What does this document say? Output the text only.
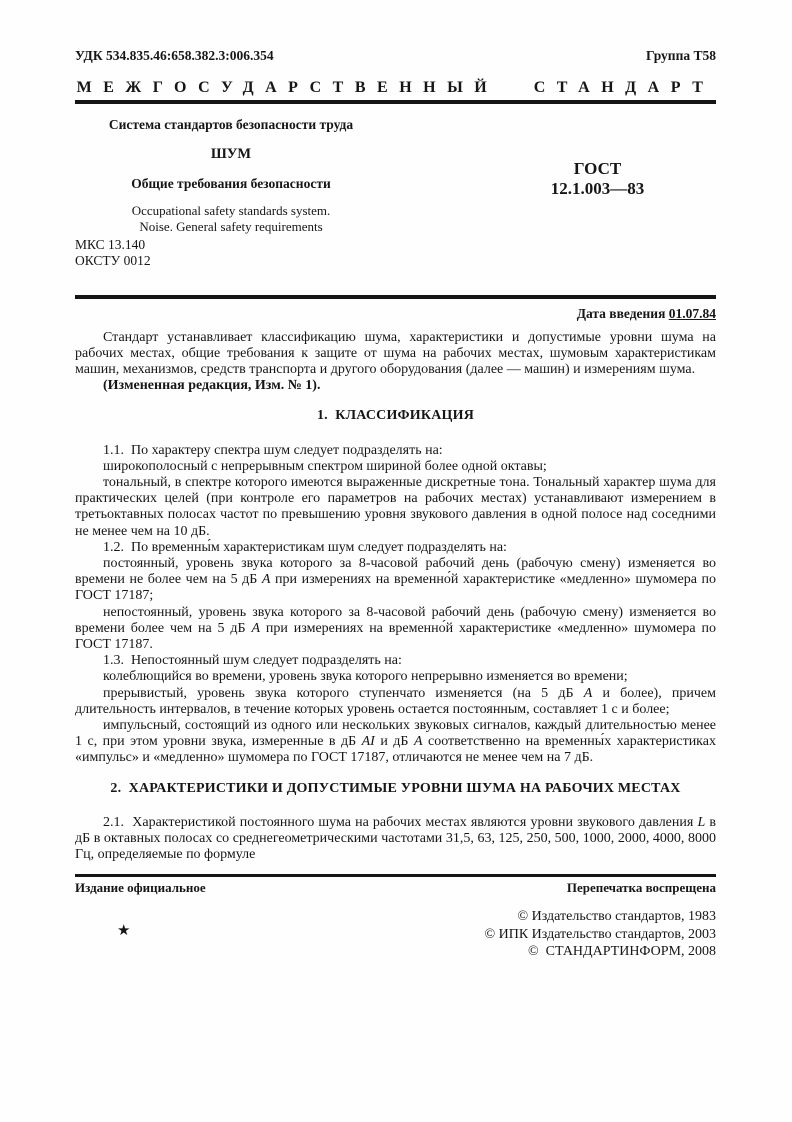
УДК 534.835.46:658.382.3:006.354	Группа Т58
МЕЖГОСУДАРСТВЕННЫЙ СТАНДАРТ
Система стандартов безопасности труда
ШУМ
Общие требования безопасности
Occupational safety standards system.
Noise. General safety requirements
ГОСТ
12.1.003—83
МКС 13.140
ОКСТУ 0012
Дата введения 01.07.84

Стандарт устанавливает классификацию шума, характеристики и допустимые уровни шума на рабочих местах, общие требования к защите от шума на рабочих местах, шумовым характеристикам машин, механизмов, средств транспорта и другого оборудования (далее — машин) и измерениям шума.

(Измененная редакция, Изм. № 1).

1.  КЛАССИФИКАЦИЯ

1.1.  По характеру спектра шум следует подразделять на:

широкополосный с непрерывным спектром шириной более одной октавы;

тональный, в спектре которого имеются выраженные дискретные тона. Тональный характер шума для практических целей (при контроле его параметров на рабочих местах) устанавливают измерением в третьоктавных полосах частот по превышению уровня звукового давления в одной полосе над соседними не менее чем на 10 дБ.

1.2.  По временны́м характеристикам шум следует подразделять на:

постоянный, уровень звука которого за 8-часовой рабочий день (рабочую смену) изменяется во времени не более чем на 5 дБ А при измерениях на временно́й характеристике «медленно» шумомера по ГОСТ 17187;

непостоянный, уровень звука которого за 8-часовой рабочий день (рабочую смену) изменяется во времени более чем на 5 дБ А при измерениях на временно́й характеристике «медленно» шумомера по ГОСТ 17187.

1.3.  Непостоянный шум следует подразделять на:

колеблющийся во времени, уровень звука которого непрерывно изменяется во времени;

прерывистый, уровень звука которого ступенчато изменяется (на 5 дБ А и более), причем длительность интервалов, в течение которых уровень остается постоянным, составляет 1 с и более;

импульсный, состоящий из одного или нескольких звуковых сигналов, каждый длительностью менее 1 с, при этом уровни звука, измеренные в дБ АI и дБ А соответственно на временны́х характеристиках «импульс» и «медленно» шумомера по ГОСТ 17187, отличаются не менее чем на 7 дБ.

2.  ХАРАКТЕРИСТИКИ И ДОПУСТИМЫЕ УРОВНИ ШУМА НА РАБОЧИХ МЕСТАХ

2.1.  Характеристикой постоянного шума на рабочих местах являются уровни звукового давления L в дБ в октавных полосах со среднегеометрическими частотами 31,5, 63, 125, 250, 500, 1000, 2000, 4000, 8000 Гц, определяемые по формуле

Издание официальное	Перепечатка воспрещена
★
© Издательство стандартов, 1983
© ИПК Издательство стандартов, 2003
©  СТАНДАРТИНФОРМ, 2008
